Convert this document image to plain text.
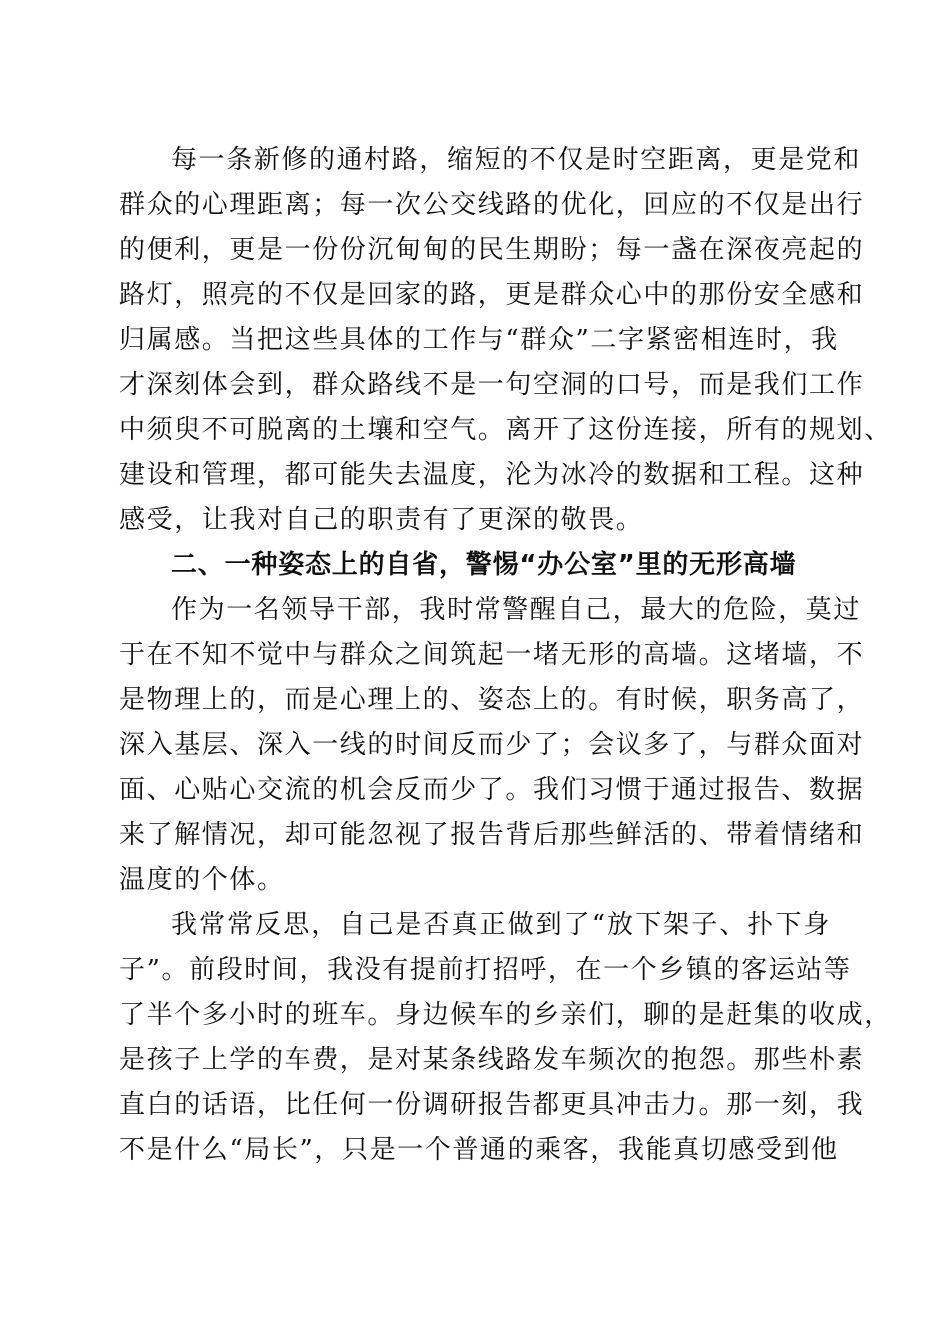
每一条新修的通村路，缩短的不仅是时空距离，更是党和
群众的心理距离；每一次公交线路的优化，回应的不仅是出行
的便利，更是一份份沉甸甸的民生期盼；每一盏在深夜亮起的
路灯，照亮的不仅是回家的路，更是群众心中的那份安全感和
归属感。当把这些具体的工作与“群众”二字紧密相连时，我
才深刻体会到，群众路线不是一句空洞的口号，而是我们工作
中须臾不可脱离的土壤和空气。离开了这份连接，所有的规划、
建设和管理，都可能失去温度，沦为冰冷的数据和工程。这种
感受，让我对自己的职责有了更深的敬畏。
二、一种姿态上的自省，警惕“办公室”里的无形高墙
作为一名领导干部，我时常警醒自己，最大的危险，莫过
于在不知不觉中与群众之间筑起一堵无形的高墙。这堵墙，不
是物理上的，而是心理上的、姿态上的。有时候，职务高了，
深入基层、深入一线的时间反而少了；会议多了，与群众面对
面、心贴心交流的机会反而少了。我们习惯于通过报告、数据
来了解情况，却可能忽视了报告背后那些鲜活的、带着情绪和
温度的个体。
我常常反思，自己是否真正做到了“放下架子、扑下身
子”。前段时间，我没有提前打招呼，在一个乡镇的客运站等
了半个多小时的班车。身边候车的乡亲们，聊的是赶集的收成，
是孩子上学的车费，是对某条线路发车频次的抱怨。那些朴素
直白的话语，比任何一份调研报告都更具冲击力。那一刻，我
不是什么“局长”，只是一个普通的乘客，我能真切感受到他
